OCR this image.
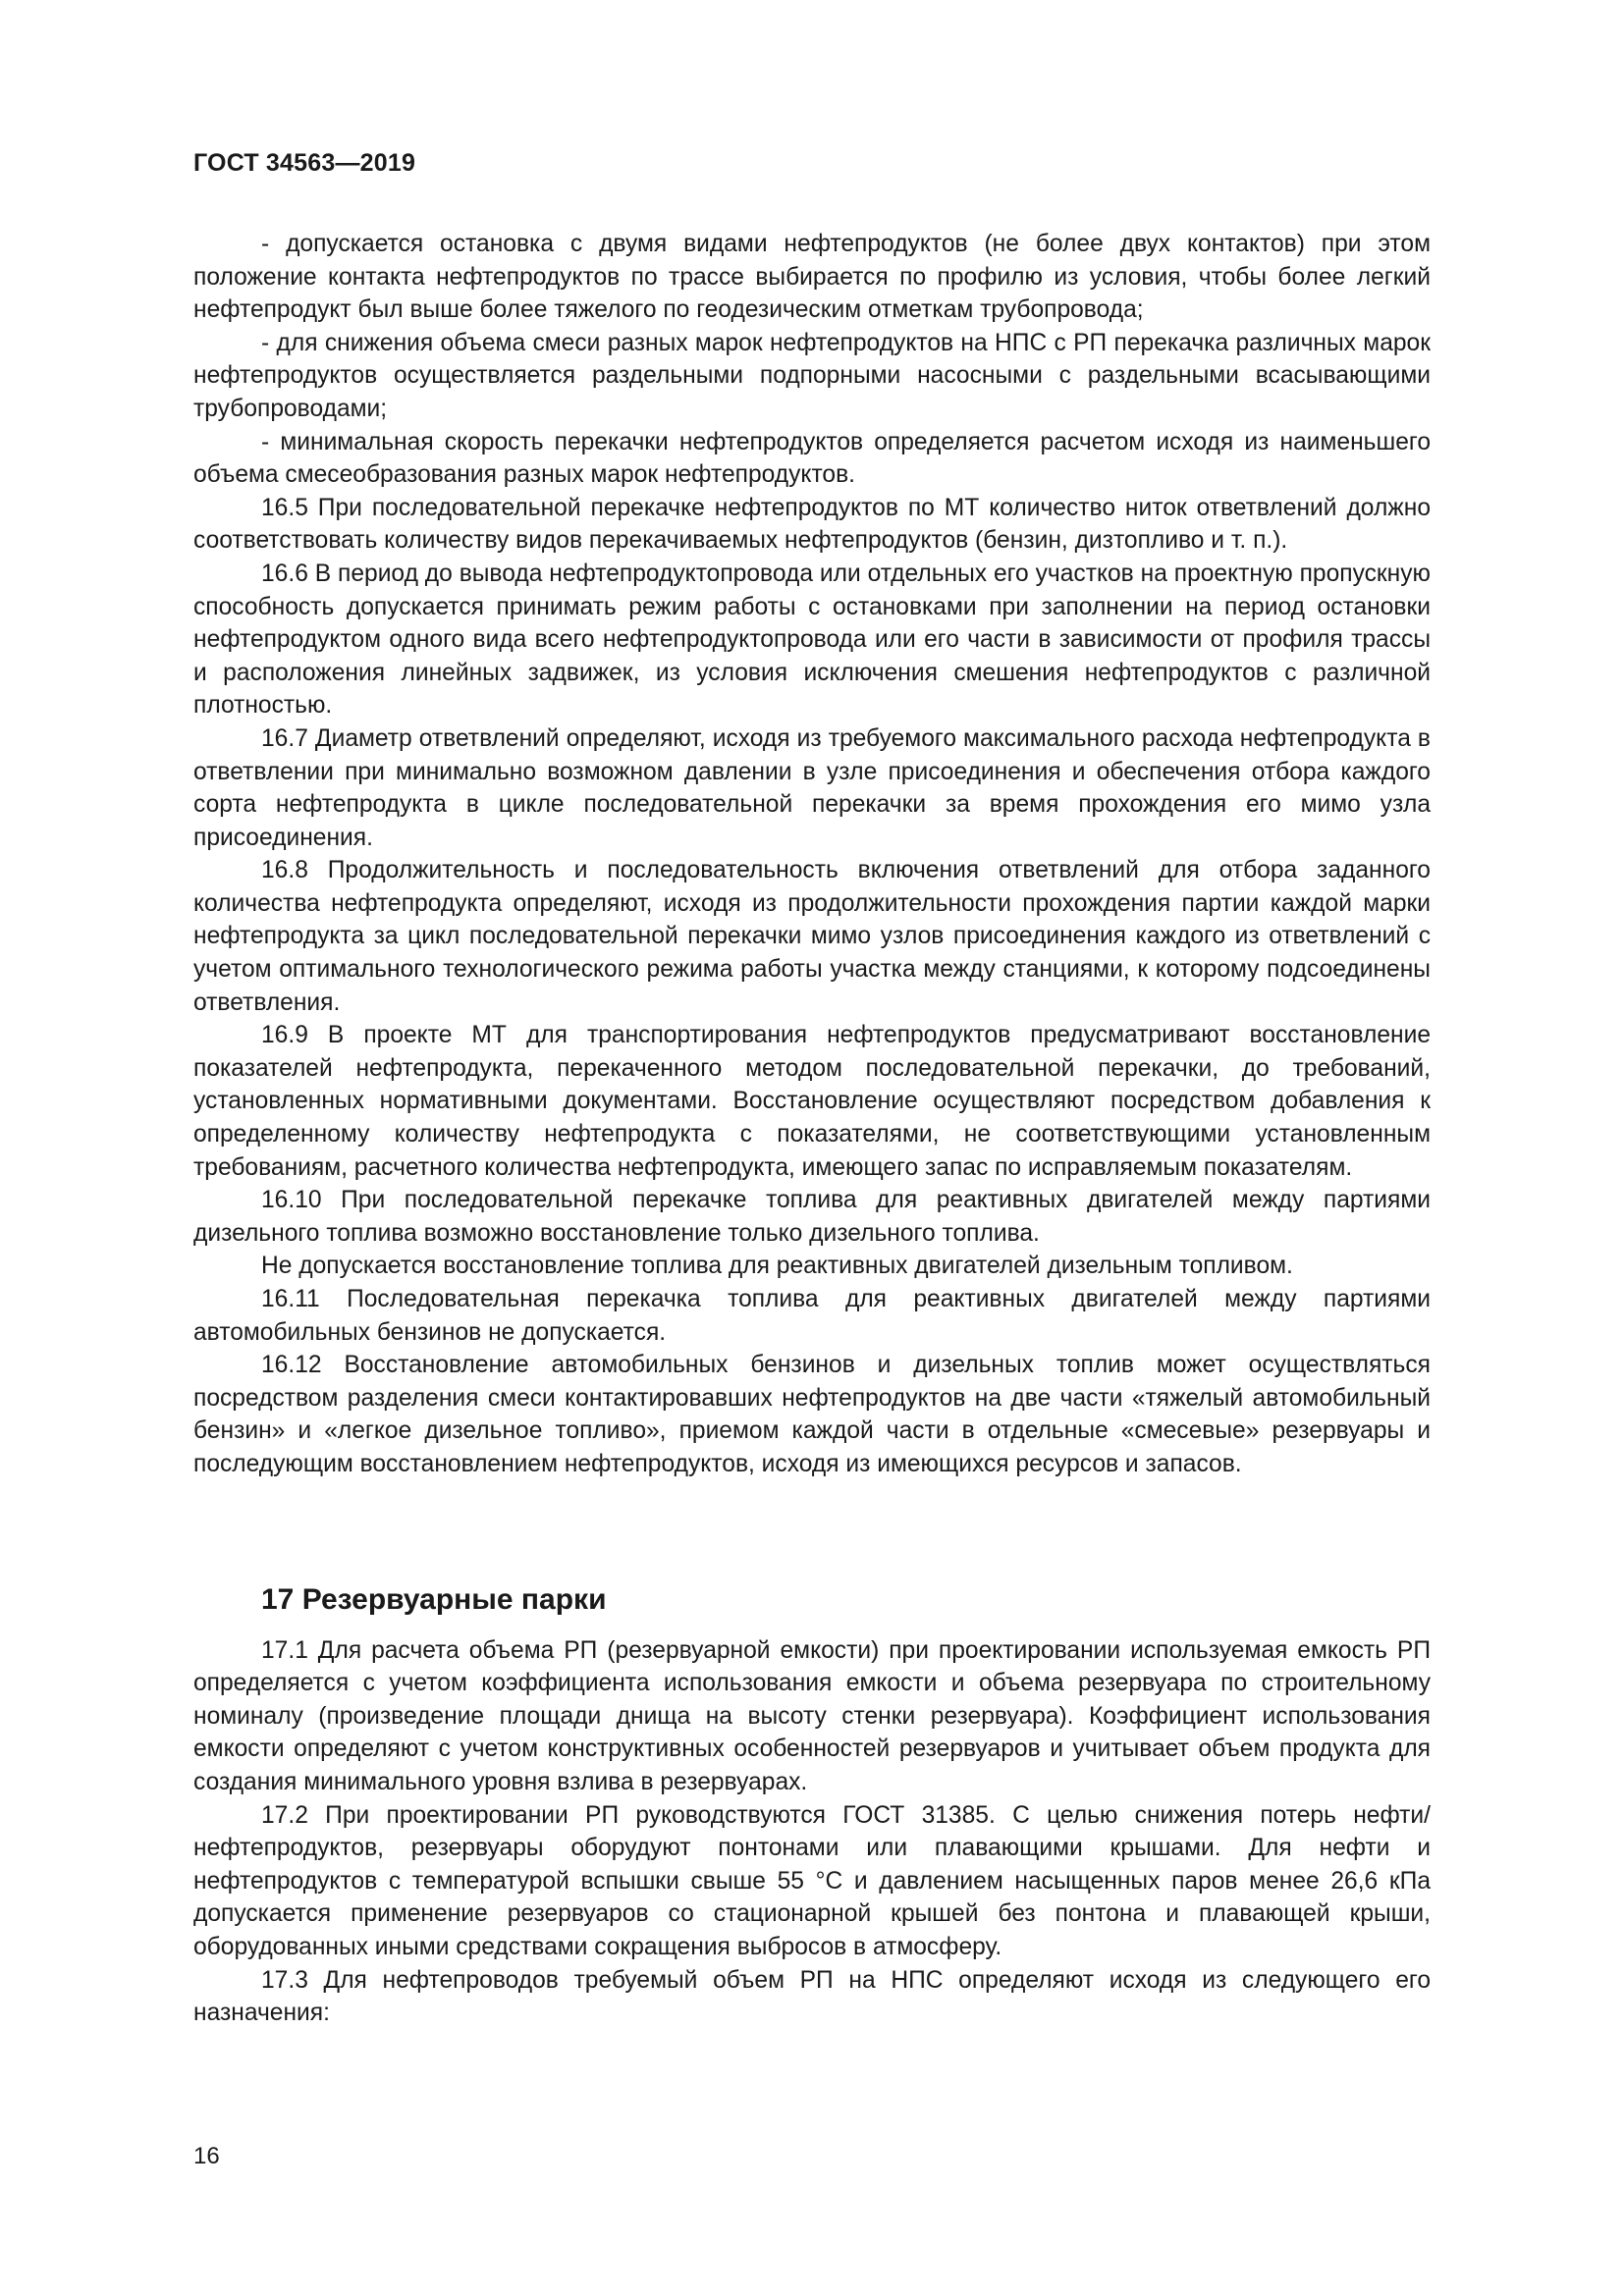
ГОСТ 34563—2019

- допускается остановка с двумя видами нефтепродуктов (не более двух контактов) при этом положение контакта нефтепродуктов по трассе выбирается по профилю из условия, чтобы более легкий нефтепродукт был выше более тяжелого по геодезическим отметкам трубопровода;

- для снижения объема смеси разных марок нефтепродуктов на НПС с РП перекачка различных марок нефтепродуктов осуществляется раздельными подпорными насосными с раздельными всасывающими трубопроводами;

- минимальная скорость перекачки нефтепродуктов определяется расчетом исходя из наименьшего объема смесеобразования разных марок нефтепродуктов.

16.5 При последовательной перекачке нефтепродуктов по МТ количество ниток ответвлений должно соответствовать количеству видов перекачиваемых нефтепродуктов (бензин, дизтопливо и т. п.).

16.6 В период до вывода нефтепродуктопровода или отдельных его участков на проектную пропускную способность допускается принимать режим работы с остановками при заполнении на период остановки нефтепродуктом одного вида всего нефтепродуктопровода или его части в зависимости от профиля трассы и расположения линейных задвижек, из условия исключения смешения нефтепродуктов с различной плотностью.

16.7 Диаметр ответвлений определяют, исходя из требуемого максимального расхода нефтепродукта в ответвлении при минимально возможном давлении в узле присоединения и обеспечения отбора каждого сорта нефтепродукта в цикле последовательной перекачки за время прохождения его мимо узла присоединения.

16.8 Продолжительность и последовательность включения ответвлений для отбора заданного количества нефтепродукта определяют, исходя из продолжительности прохождения партии каждой марки нефтепродукта за цикл последовательной перекачки мимо узлов присоединения каждого из ответвлений с учетом оптимального технологического режима работы участка между станциями, к которому подсоединены ответвления.

16.9 В проекте МТ для транспортирования нефтепродуктов предусматривают восстановление показателей нефтепродукта, перекаченного методом последовательной перекачки, до требований, установленных нормативными документами. Восстановление осуществляют посредством добавления к определенному количеству нефтепродукта с показателями, не соответствующими установленным требованиям, расчетного количества нефтепродукта, имеющего запас по исправляемым показателям.

16.10 При последовательной перекачке топлива для реактивных двигателей между партиями дизельного топлива возможно восстановление только дизельного топлива.

Не допускается восстановление топлива для реактивных двигателей дизельным топливом.

16.11 Последовательная перекачка топлива для реактивных двигателей между партиями автомобильных бензинов не допускается.

16.12 Восстановление автомобильных бензинов и дизельных топлив может осуществляться посредством разделения смеси контактировавших нефтепродуктов на две части «тяжелый автомобильный бензин» и «легкое дизельное топливо», приемом каждой части в отдельные «смесевые» резервуары и последующим восстановлением нефтепродуктов, исходя из имеющихся ресурсов и запасов.

17 Резервуарные парки

17.1 Для расчета объема РП (резервуарной емкости) при проектировании используемая емкость РП определяется с учетом коэффициента использования емкости и объема резервуара по строительному номиналу (произведение площади днища на высоту стенки резервуара). Коэффициент использования емкости определяют с учетом конструктивных особенностей резервуаров и учитывает объем продукта для создания минимального уровня взлива в резервуарах.

17.2 При проектировании РП руководствуются ГОСТ 31385. С целью снижения потерь нефти/нефтепродуктов, резервуары оборудуют понтонами или плавающими крышами. Для нефти и нефтепродуктов с температурой вспышки свыше 55 °С и давлением насыщенных паров менее 26,6 кПа допускается применение резервуаров со стационарной крышей без понтона и плавающей крыши, оборудованных иными средствами сокращения выбросов в атмосферу.

17.3 Для нефтепроводов требуемый объем РП на НПС определяют исходя из следующего его назначения:

16
